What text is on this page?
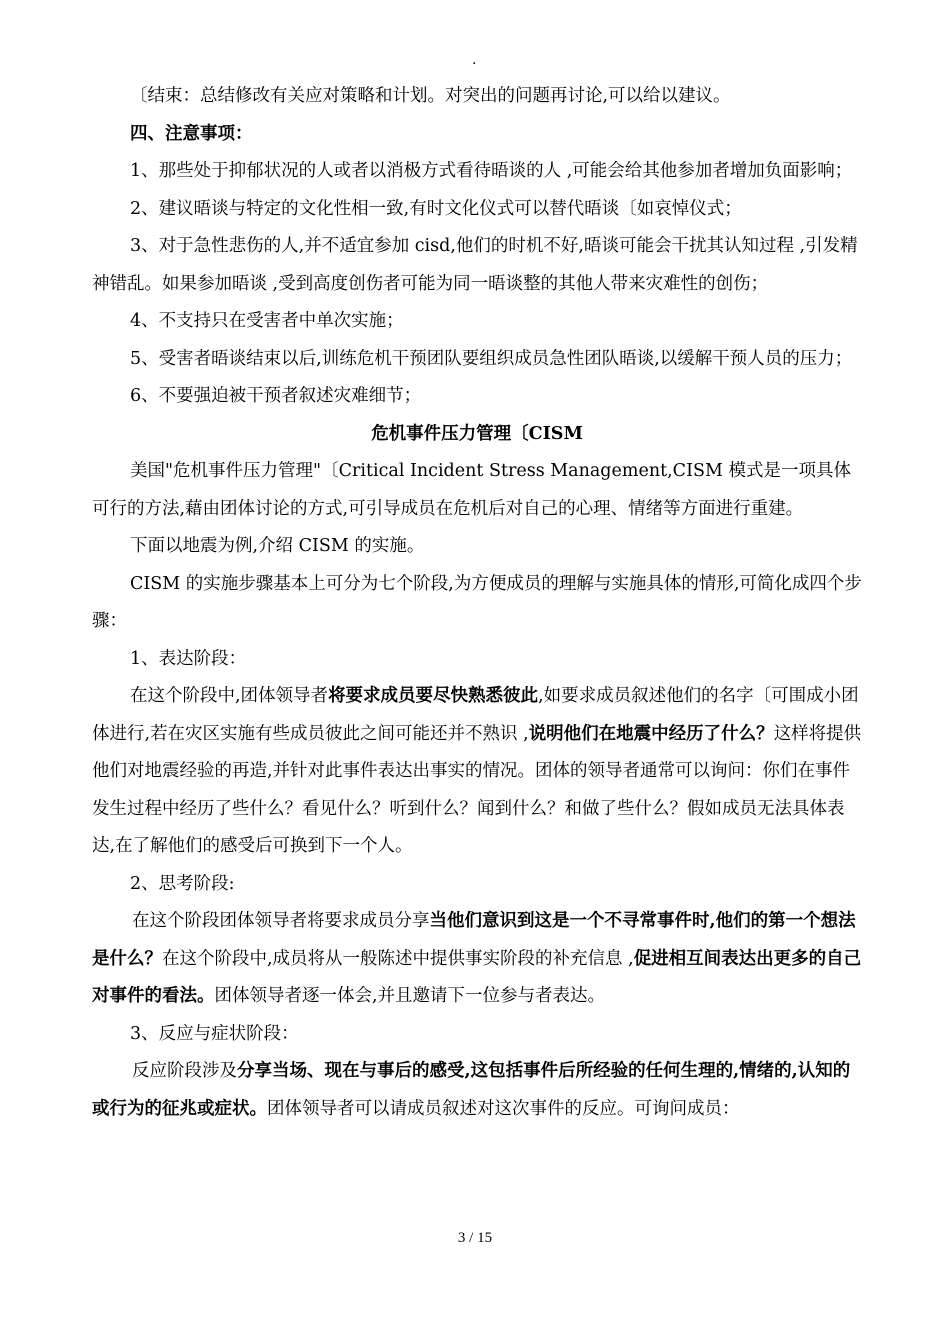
.

〔结束：总结修改有关应对策略和计划。对突出的问题再讨论,可以给以建议。

四、注意事项：

1、那些处于抑郁状况的人或者以消极方式看待晤谈的人 ,可能会给其他参加者增加负面影响；

2、建议晤谈与特定的文化性相一致,有时文化仪式可以替代晤谈〔如哀悼仪式；

3、对于急性悲伤的人,并不适宜参加 cisd,他们的时机不好,晤谈可能会干扰其认知过程 ,引发精神错乱。如果参加晤谈 ,受到高度创伤者可能为同一晤谈整的其他人带来灾难性的创伤；

4、不支持只在受害者中单次实施；

5、受害者晤谈结束以后,训练危机干预团队要组织成员急性团队晤谈,以缓解干预人员的压力；

6、不要强迫被干预者叙述灾难细节；

危机事件压力管理〔CISM

美国"危机事件压力管理"〔Critical Incident Stress Management,CISM 模式是一项具体可行的方法,藉由团体讨论的方式,可引导成员在危机后对自己的心理、情绪等方面进行重建。

下面以地震为例,介绍 CISM 的实施。

CISM 的实施步骤基本上可分为七个阶段,为方便成员的理解与实施具体的情形,可简化成四个步骤：

1、表达阶段：

在这个阶段中,团体领导者将要求成员要尽快熟悉彼此,如要求成员叙述他们的名字〔可围成小团体进行,若在灾区实施有些成员彼此之间可能还并不熟识 ,说明他们在地震中经历了什么？这样将提供他们对地震经验的再造,并针对此事件表达出事实的情况。团体的领导者通常可以询问：你们在事件发生过程中经历了些什么？看见什么？听到什么？闻到什么？和做了些什么？假如成员无法具体表达,在了解他们的感受后可换到下一个人。

2、思考阶段:

在这个阶段团体领导者将要求成员分享当他们意识到这是一个不寻常事件时,他们的第一个想法是什么？在这个阶段中,成员将从一般陈述中提供事实阶段的补充信息 ,促进相互间表达出更多的自己对事件的看法。团体领导者逐一体会,并且邀请下一位参与者表达。

3、反应与症状阶段：

反应阶段涉及分享当场、现在与事后的感受,这包括事件后所经验的任何生理的,情绪的,认知的或行为的征兆或症状。团体领导者可以请成员叙述对这次事件的反应。可询问成员：

3 / 15
